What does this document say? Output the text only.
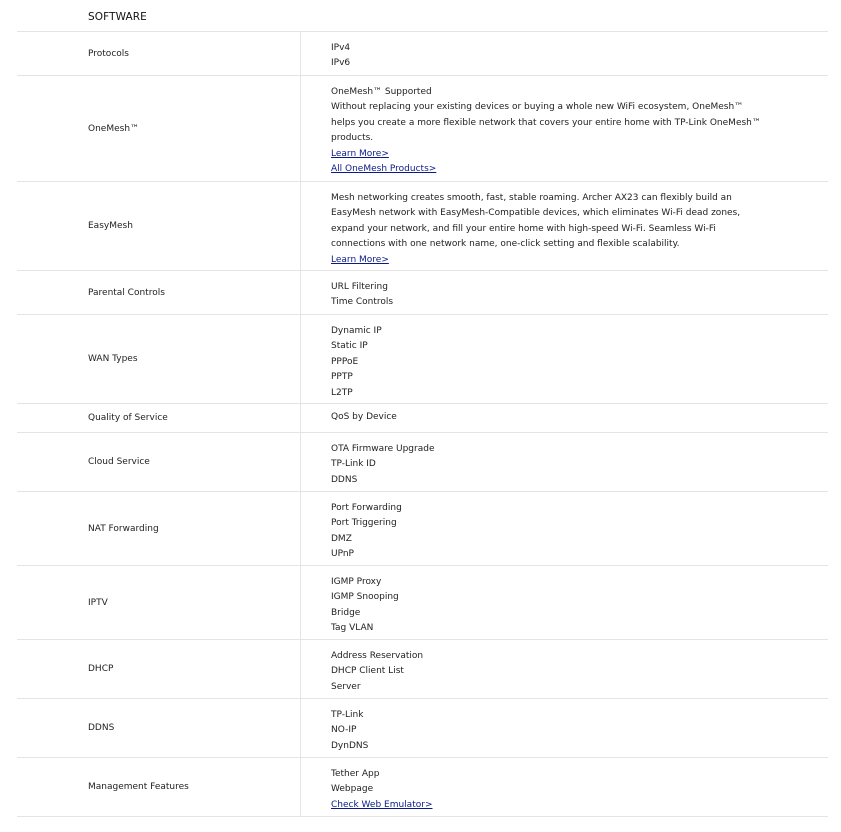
SOFTWARE
Protocols
IPv4
IPv6
OneMesh™
OneMesh™ Supported
Without replacing your existing devices or buying a whole new WiFi ecosystem, OneMesh™ helps you create a more flexible network that covers your entire home with TP-Link OneMesh™ products.
Learn More>
All OneMesh Products>
EasyMesh
Mesh networking creates smooth, fast, stable roaming. Archer AX23 can flexibly build an EasyMesh network with EasyMesh-Compatible devices, which eliminates Wi-Fi dead zones, expand your network, and fill your entire home with high-speed Wi-Fi. Seamless Wi-Fi connections with one network name, one-click setting and flexible scalability.
Learn More>
Parental Controls
URL Filtering
Time Controls
WAN Types
Dynamic IP
Static IP
PPPoE
PPTP
L2TP
Quality of Service	QoS by Device
Cloud Service
OTA Firmware Upgrade
TP-Link ID
DDNS
NAT Forwarding
Port Forwarding
Port Triggering
DMZ
UPnP
IPTV
IGMP Proxy
IGMP Snooping
Bridge
Tag VLAN
DHCP
Address Reservation
DHCP Client List
Server
DDNS
TP-Link
NO-IP
DynDNS
Management Features
Tether App
Webpage
Check Web Emulator>
